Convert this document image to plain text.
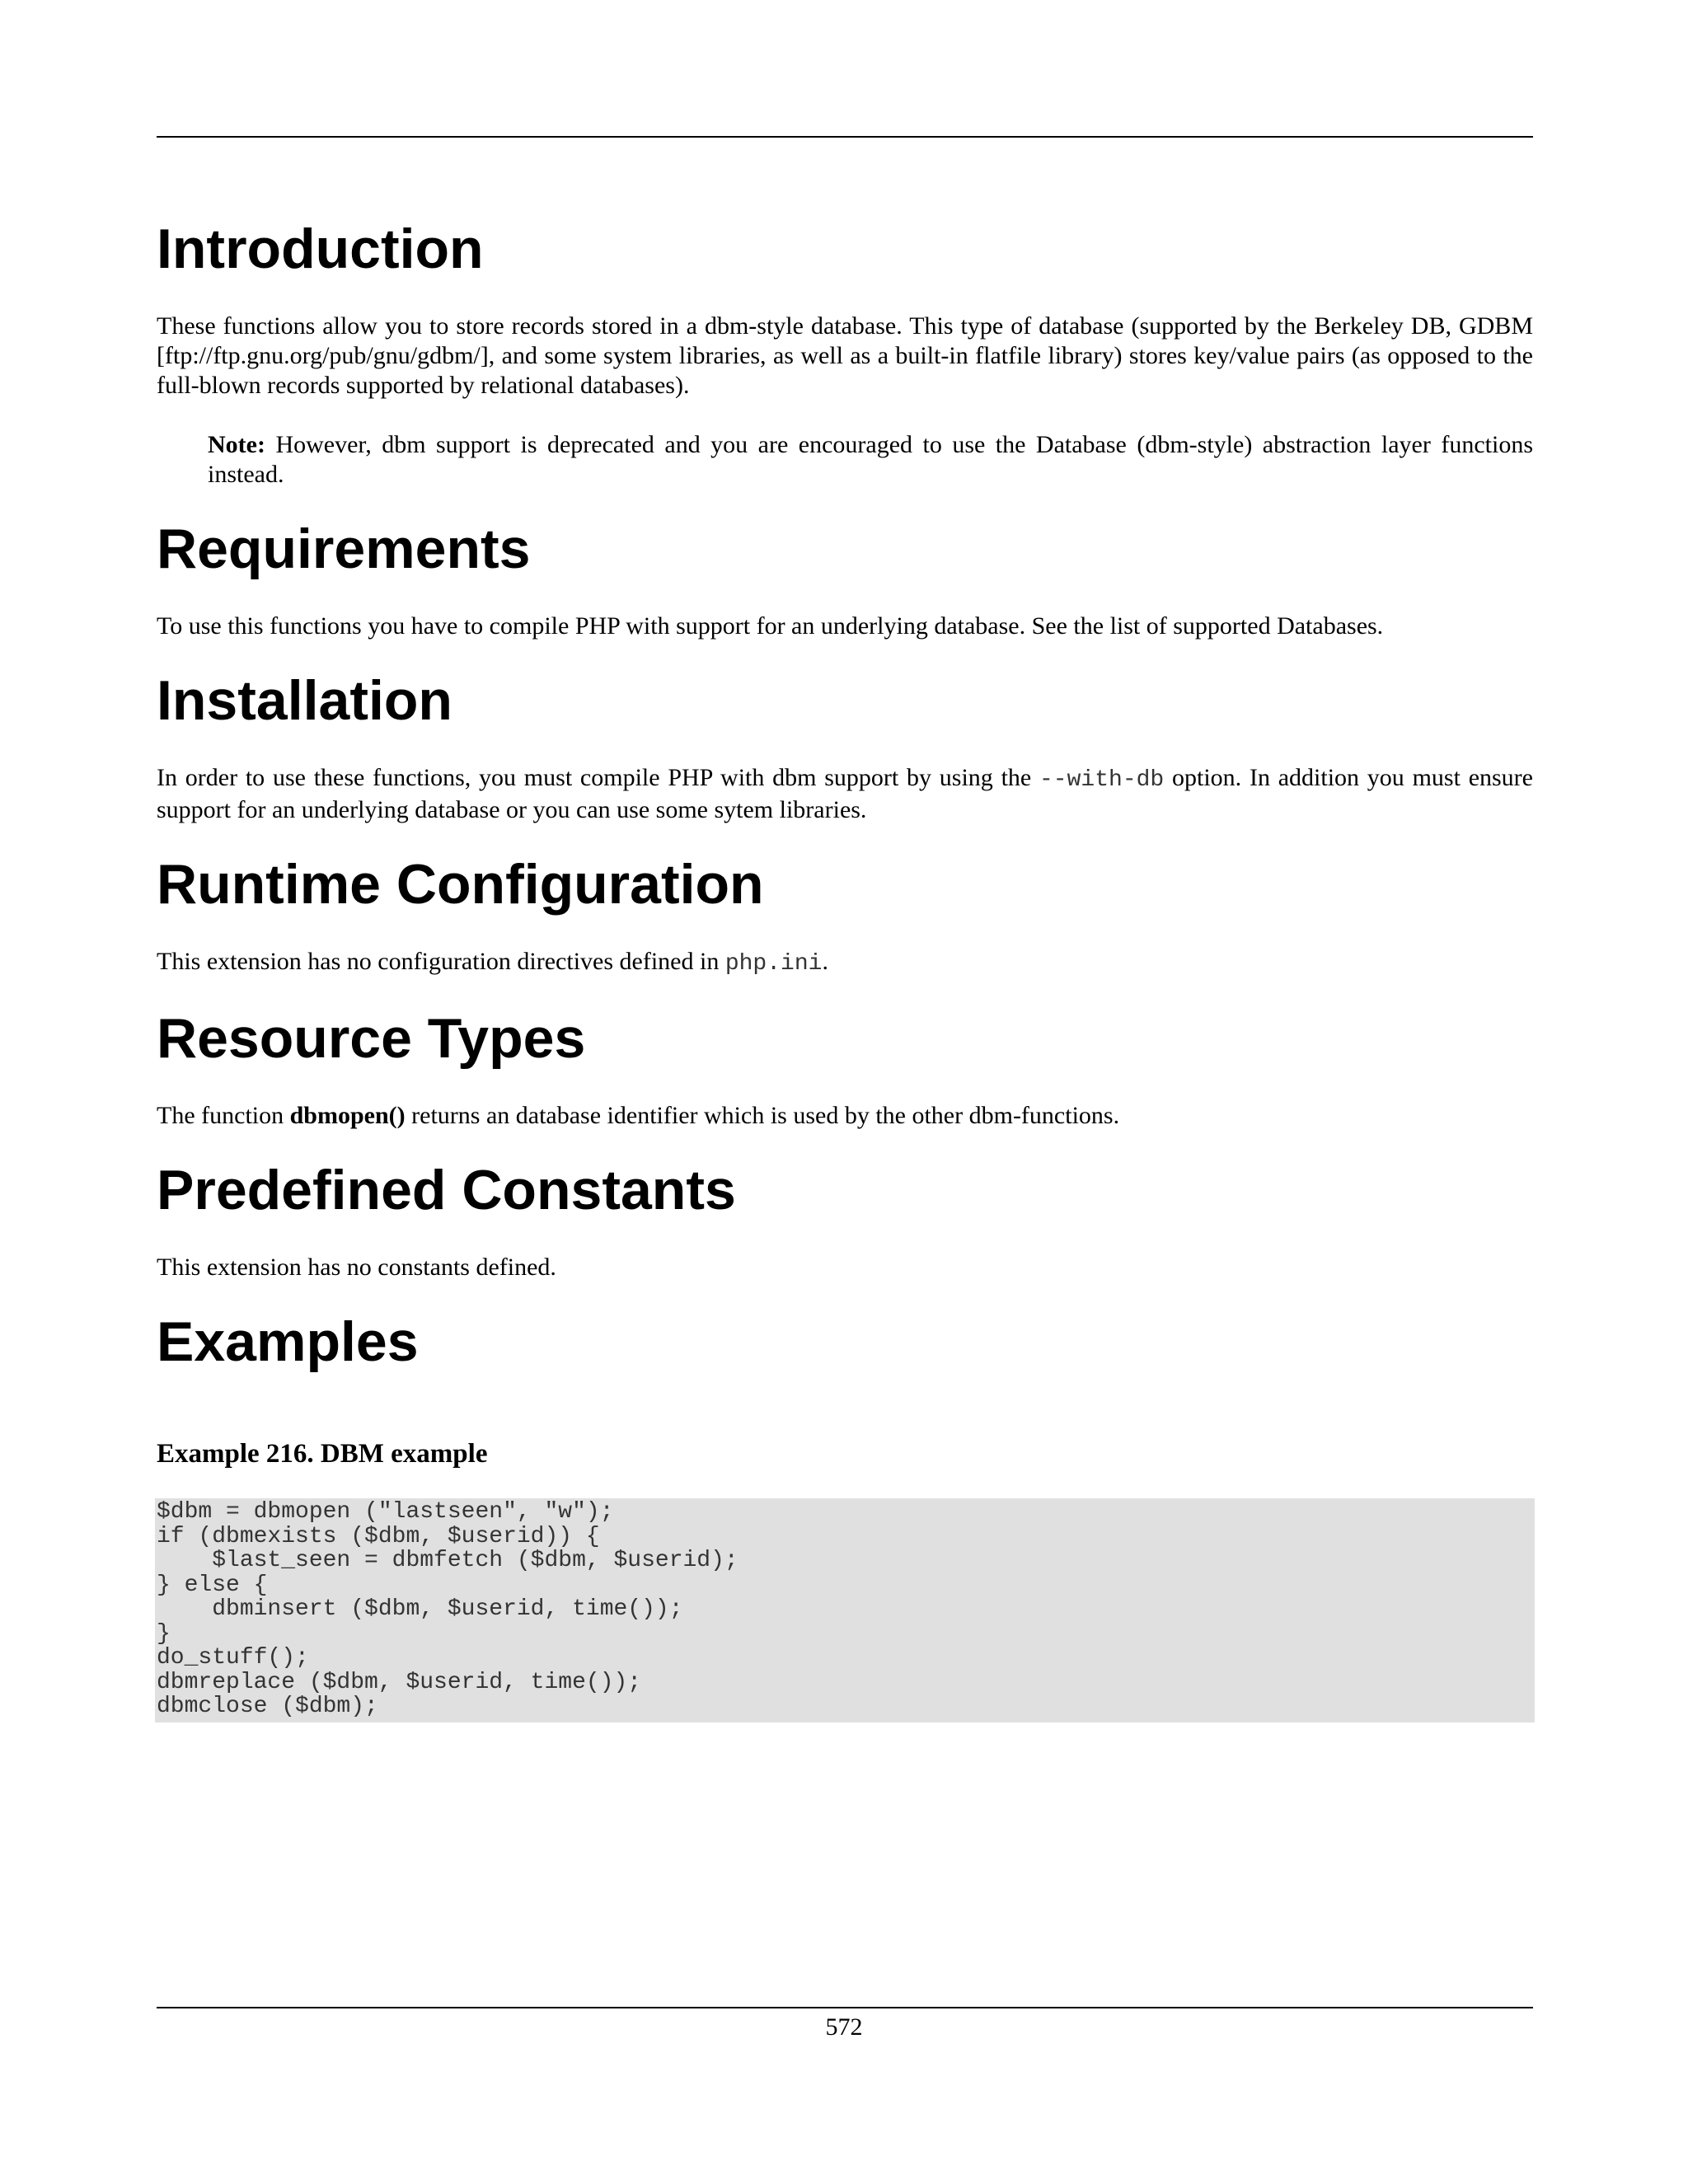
Introduction

These functions allow you to store records stored in a dbm-style database. This type of database (supported by the Berkeley DB, GDBM [ftp://ftp.gnu.org/pub/gnu/gdbm/], and some system libraries, as well as a built-in flatfile library) stores key/value pairs (as opposed to the full-blown records supported by relational databases).

Note: However, dbm support is deprecated and you are encouraged to use the Database (dbm-style) abstraction layer functions instead.

Requirements

To use this functions you have to compile PHP with support for an underlying database. See the list of supported Databases.

Installation

In order to use these functions, you must compile PHP with dbm support by using the --with-db option. In addition you must ensure support for an underlying database or you can use some sytem libraries.

Runtime Configuration

This extension has no configuration directives defined in php.ini.

Resource Types

The function dbmopen() returns an database identifier which is used by the other dbm-functions.

Predefined Constants

This extension has no constants defined.

Examples
Example 216. DBM example
$dbm = dbmopen ("lastseen", "w");
if (dbmexists ($dbm, $userid)) {
$last_seen = dbmfetch ($dbm, $userid);
} else {
dbminsert ($dbm, $userid, time());
}
do_stuff();
dbmreplace ($dbm, $userid, time());
dbmclose ($dbm);
572
